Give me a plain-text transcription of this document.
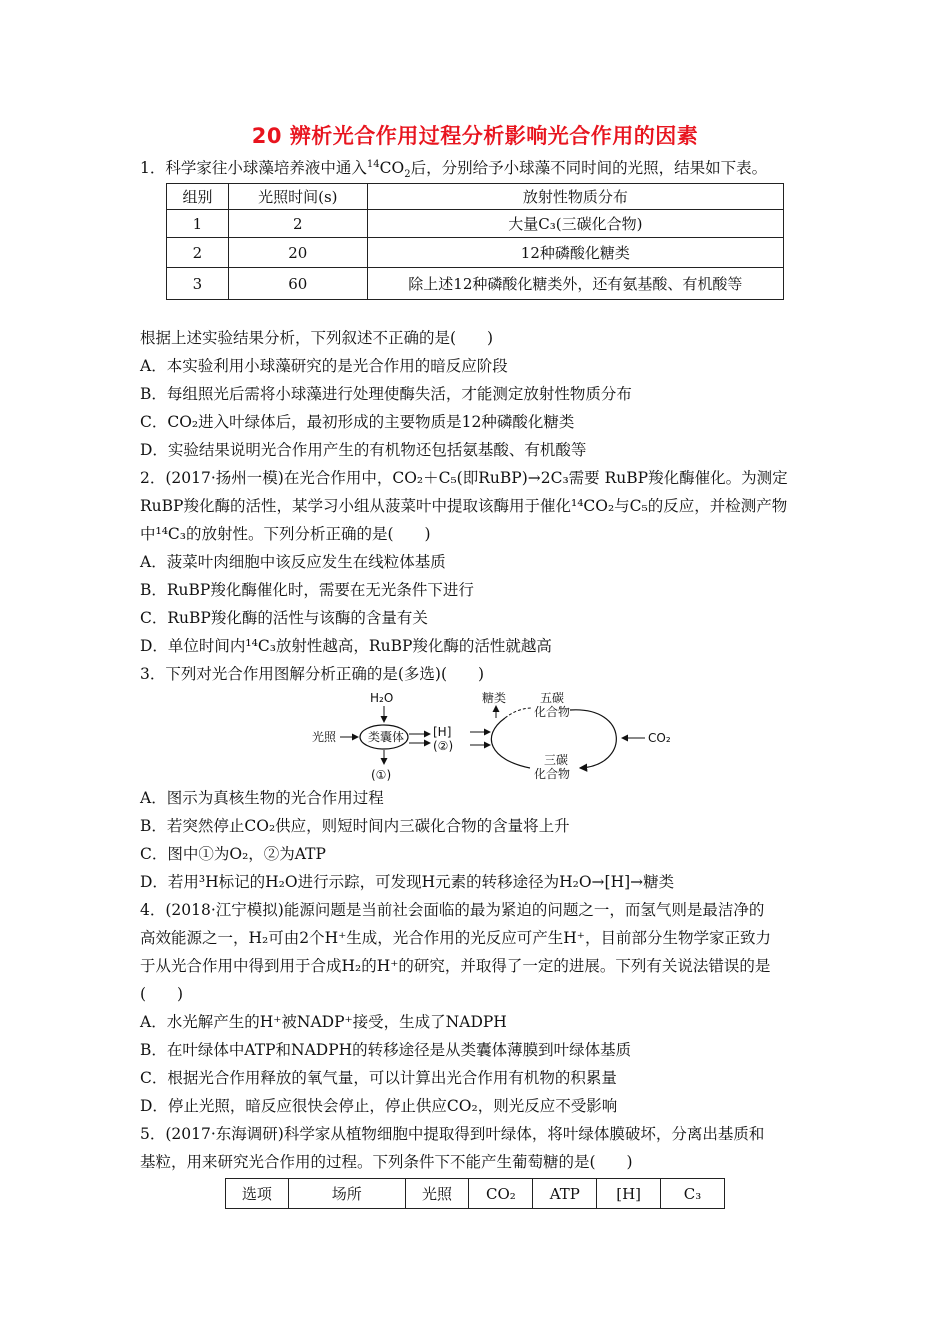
20 辨析光合作用过程分析影响光合作用的因素
1．科学家往小球藻培养液中通入$^{14}CO_2$后，分别给予小球藻不同时间的光照，结果如下表。
组别	光照时间(s)	放射性物质分布
1	2	大量C₃(三碳化合物)
2	20	12种磷酸化糖类
3	60	除上述12种磷酸化糖类外，还有氨基酸、有机酸等
根据上述实验结果分析，下列叙述不正确的是(　　)
A．本实验利用小球藻研究的是光合作用的暗反应阶段
B．每组照光后需将小球藻进行处理使酶失活，才能测定放射性物质分布
C．CO₂进入叶绿体后，最初形成的主要物质是12种磷酸化糖类
D．实验结果说明光合作用产生的有机物还包括氨基酸、有机酸等
2．(2017·扬州一模)在光合作用中，CO₂＋C₅(即RuBP)→2C₃需要 RuBP羧化酶催化。为测定
RuBP羧化酶的活性，某学习小组从菠菜叶中提取该酶用于催化¹⁴CO₂与C₅的反应，并检测产物
中¹⁴C₃的放射性。下列分析正确的是(　　)
A．菠菜叶肉细胞中该反应发生在线粒体基质
B．RuBP羧化酶催化时，需要在无光条件下进行
C．RuBP羧化酶的活性与该酶的含量有关
D．单位时间内¹⁴C₃放射性越高，RuBP羧化酶的活性就越高
3．下列对光合作用图解分析正确的是(多选)(　　)
H₂O
光照	类囊体
(①)
[H]
(②)
糖类	五碳
化合物
CO₂
三碳
化合物
A．图示为真核生物的光合作用过程
B．若突然停止CO₂供应，则短时间内三碳化合物的含量将上升
C．图中①为O₂，②为ATP
D．若用³H标记的H₂O进行示踪，可发现H元素的转移途径为H₂O→[H]→糖类
4．(2018·江宁模拟)能源问题是当前社会面临的最为紧迫的问题之一，而氢气则是最洁净的
高效能源之一，H₂可由2个H⁺生成，光合作用的光反应可产生H⁺，目前部分生物学家正致力
于从光合作用中得到用于合成H₂的H⁺的研究，并取得了一定的进展。下列有关说法错误的是
(　　)
A．水光解产生的H⁺被NADP⁺接受，生成了NADPH
B．在叶绿体中ATP和NADPH的转移途径是从类囊体薄膜到叶绿体基质
C．根据光合作用释放的氧气量，可以计算出光合作用有机物的积累量
D．停止光照，暗反应很快会停止，停止供应CO₂，则光反应不受影响
5．(2017·东海调研)科学家从植物细胞中提取得到叶绿体，将叶绿体膜破坏，分离出基质和
基粒，用来研究光合作用的过程。下列条件下不能产生葡萄糖的是(　　)
选项	场所	光照	CO₂	ATP	[H]	C₃
